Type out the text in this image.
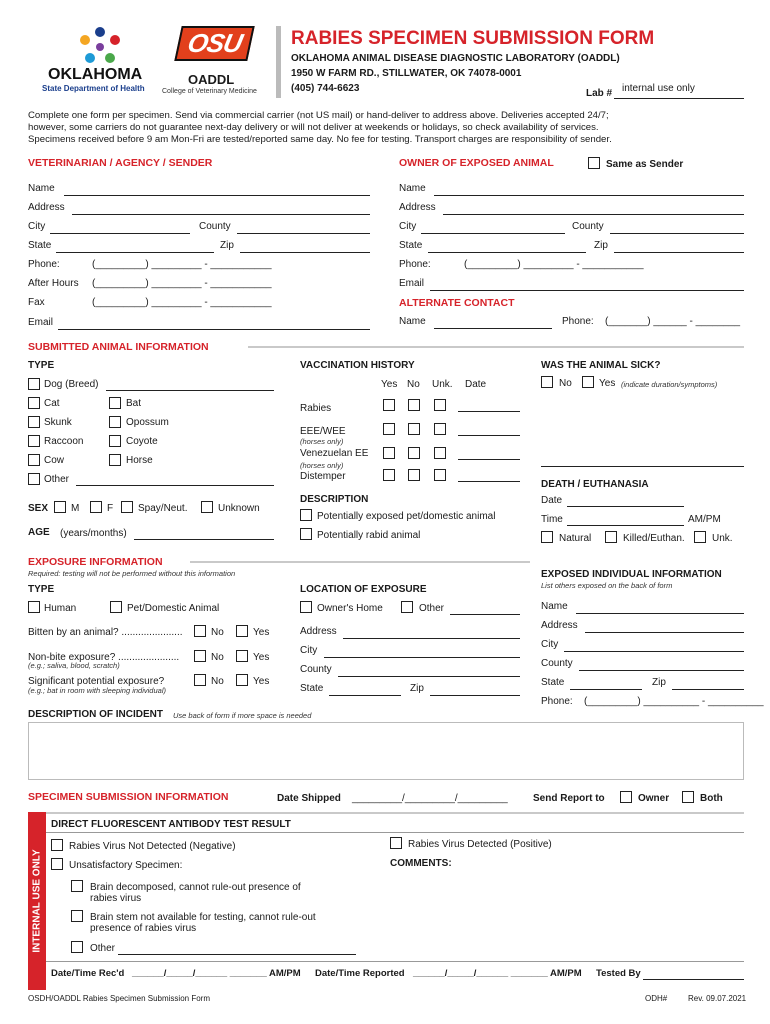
OKLAHOMA
State Department of Health
OSU
OADDL
College of Veterinary Medicine
RABIES SPECIMEN SUBMISSION FORM
OKLAHOMA ANIMAL DISEASE DIAGNOSTIC LABORATORY (OADDL)
1950 W FARM RD., STILLWATER, OK 74078-0001
(405) 744-6623	Lab # internal use only
Complete one form per specimen. Send via commercial carrier (not US mail) or hand-deliver to address above. Deliveries accepted 24/7;
however, some carriers do not guarantee next-day delivery or will not deliver at weekends or holidays, so check availability of services.
Specimens received before 9 am Mon-Fri are tested/reported same day. No fee for testing. Transport charges are responsibility of sender.
VETERINARIAN / AGENCY / SENDER
Name
Address
City	County
State	Zip
Phone:	(_________) _________ - ___________
After Hours (_________) _________ - ___________
Fax	(_________) _________ - ___________
Email
OWNER OF EXPOSED ANIMAL	Same as Sender
Name
Address
City	County
State	Zip
Phone:	(_________) _________ - ___________
Email
ALTERNATE CONTACT
Name	Phone: (_______) ______ - ________
SUBMITTED ANIMAL INFORMATION
TYPE
Dog (Breed)
Cat	Bat
Skunk	Opossum
Raccoon	Coyote
Cow	Horse
Other
SEX M	F Spay/Neut.	Unknown
AGE (years/months)
VACCINATION HISTORY
Yes No Unk. Date
Rabies
EEE/WEE
(horses only)
Venezuelan EE
(horses only)
Distemper
DESCRIPTION
Potentially exposed pet/domestic animal
Potentially rabid animal
WAS THE ANIMAL SICK?
No	Yes (indicate duration/symptoms)
DEATH / EUTHANASIA
Date
Time	AM/PM
Natural	Killed/Euthan.	Unk.
EXPOSURE INFORMATION
Required: testing will not be performed without this information
TYPE
Human	Pet/Domestic Animal
Bitten by an animal? ......................	No	Yes
Non-bite exposure? ......................
(e.g.; saliva, blood, scratch)
No	Yes
Significant potential exposure?
(e.g.; bat in room with sleeping individual)
No	Yes
LOCATION OF EXPOSURE
Owner's Home	Other
Address
City
County
State	Zip
EXPOSED INDIVIDUAL INFORMATION
List others exposed on the back of form
Name
Address
City
County
State	Zip
Phone: (_________) __________ - __________
DESCRIPTION OF INCIDENT Use back of form if more space is needed
SPECIMEN SUBMISSION INFORMATION	Date Shipped _________/_________/_________	Send Report to	Owner	Both
INTERNAL USE ONLY
DIRECT FLUORESCENT ANTIBODY TEST RESULT
Rabies Virus Not Detected (Negative)	Rabies Virus Detected (Positive)
Unsatisfactory Specimen:	COMMENTS:
Brain decomposed, cannot rule-out presence of
rabies virus
Brain stem not available for testing, cannot rule-out
presence of rabies virus
Other
Date/Time Rec'd ______/_____/______ _______ AM/PM Date/Time Reported ______/_____/______ _______ AM/PM Tested By
OSDH/OADDL Rabies Specimen Submission Form	ODH#	Rev. 09.07.2021
